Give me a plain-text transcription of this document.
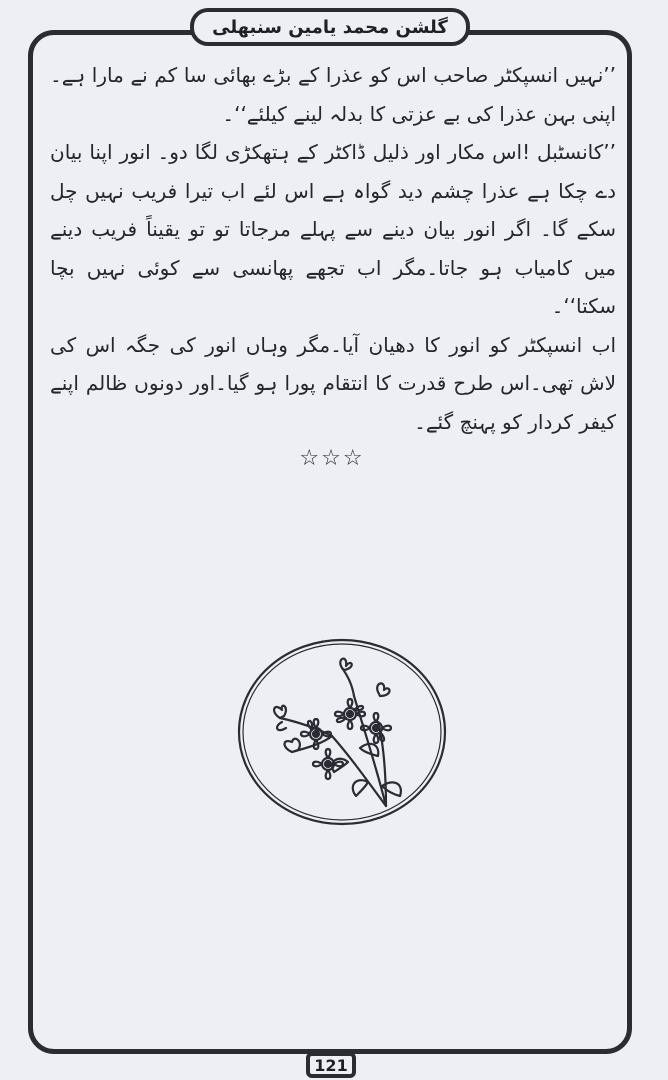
گلشن محمد یامین سنبھلی

’’نہیں انسپکٹر صاحب اس کو عذرا کے بڑے بھائی سا کم نے مارا ہے۔ اپنی بہن عذرا کی بے عزتی کا بدلہ لینے کیلئے‘‘۔

’’کانسٹبل !اس مکار اور ذلیل ڈاکٹر کے ہتھکڑی لگا دو۔ انور اپنا بیان دے چکا ہے عذرا چشم دید گواہ ہے اس لئے اب تیرا فریب نہیں چل سکے گا۔ اگر انور بیان دینے سے پہلے مرجاتا تو تو یقیناً فریب دینے میں کامیاب ہو جاتا۔مگر اب تجھے پھانسی سے کوئی نہیں بچا سکتا‘‘۔

اب انسپکٹر کو انور کا دھیان آیا۔مگر وہاں انور کی جگہ اس کی لاش تھی۔اس طرح قدرت کا انتقام پورا ہو گیا۔اور دونوں ظالم اپنے کیفر کردار کو پہنچ گئے۔

☆☆☆
121
